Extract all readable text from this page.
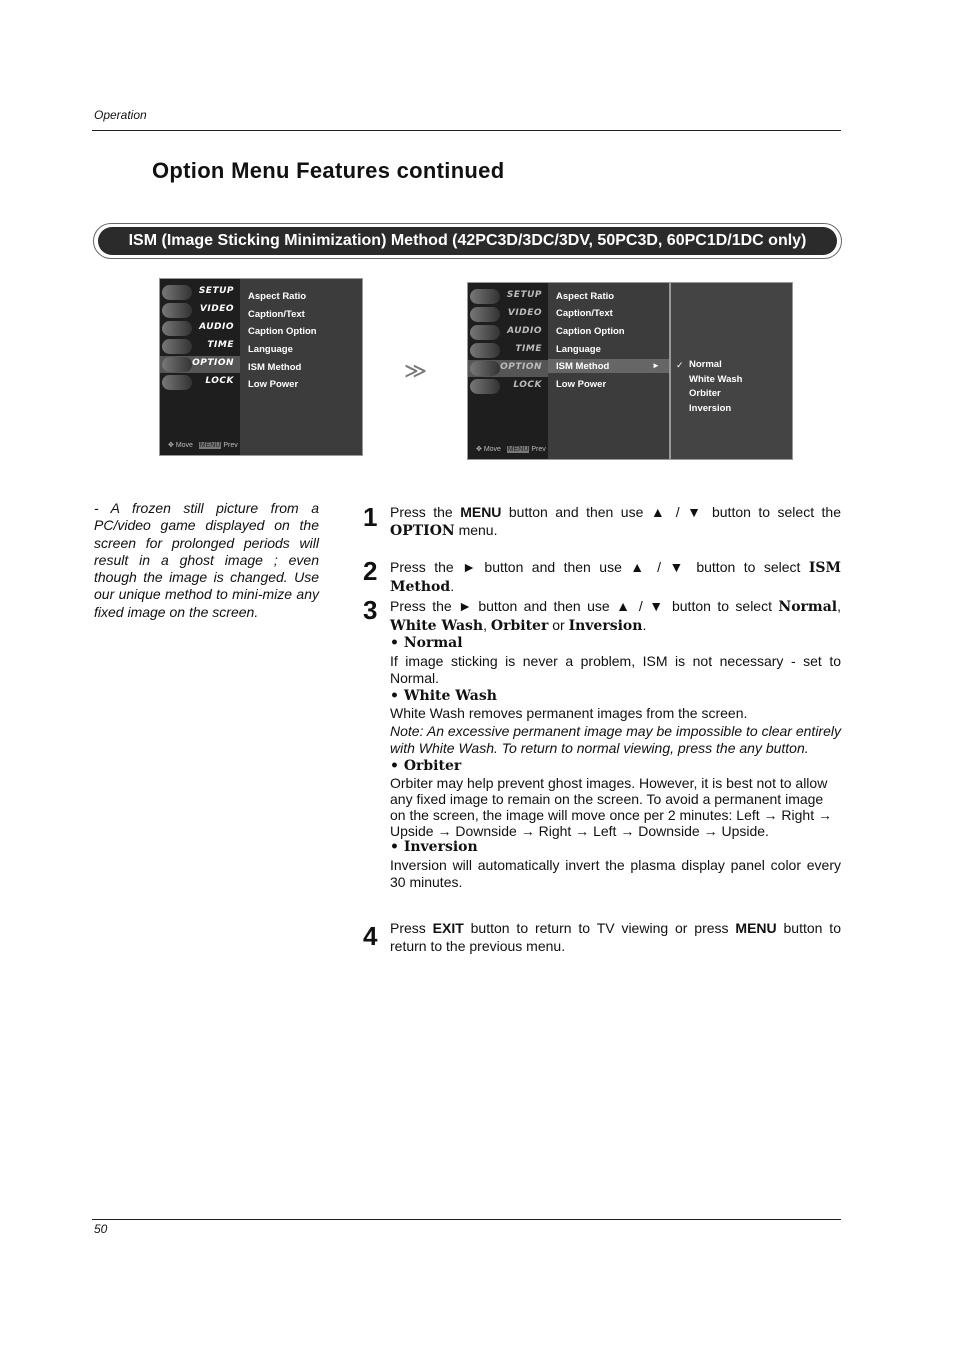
Operation
Option Menu Features continued
ISM (Image Sticking Minimization) Method (42PC3D/3DC/3DV, 50PC3D, 60PC1D/1DC only)
SETUP
VIDEO
AUDIO
TIME
OPTION
LOCK
✥ Move MENU Prev
Aspect Ratio
Caption/Text
Caption Option
Language
ISM Method
Low Power
≫
SETUP
VIDEO
AUDIO
TIME
OPTION
LOCK
✥ Move MENU Prev
Aspect Ratio
Caption/Text
Caption Option
Language
ISM Method	►
Low Power
✓ Normal
White Wash
Orbiter
Inversion
- A frozen still picture from a PC/video game displayed on the screen for prolonged periods will result in a ghost image ; even though the image is changed. Use our unique method to mini-mize any fixed image on the screen.
1 Press the MENU button and then use ▲ / ▼ button to select the OPTION menu.
2 Press the ► button and then use ▲ / ▼ button to select ISM Method.
3 Press the ► button and then use ▲ / ▼ button to select Normal, White Wash, Orbiter or Inversion.
• Normal
If image sticking is never a problem, ISM is not necessary - set to Normal.
• White Wash
White Wash removes permanent images from the screen.
Note: An excessive permanent image may be impossible to clear entirely with White Wash. To return to normal viewing, press the any button.
• Orbiter
Orbiter may help prevent ghost images. However, it is best not to allow any fixed image to remain on the screen. To avoid a permanent image on the screen, the image will move once per 2 minutes: Left → Right → Upside → Downside → Right → Left → Downside → Upside.
• Inversion
Inversion will automatically invert the plasma display panel color every 30 minutes.
4 Press EXIT button to return to TV viewing or press MENU button to return to the previous menu.
50
